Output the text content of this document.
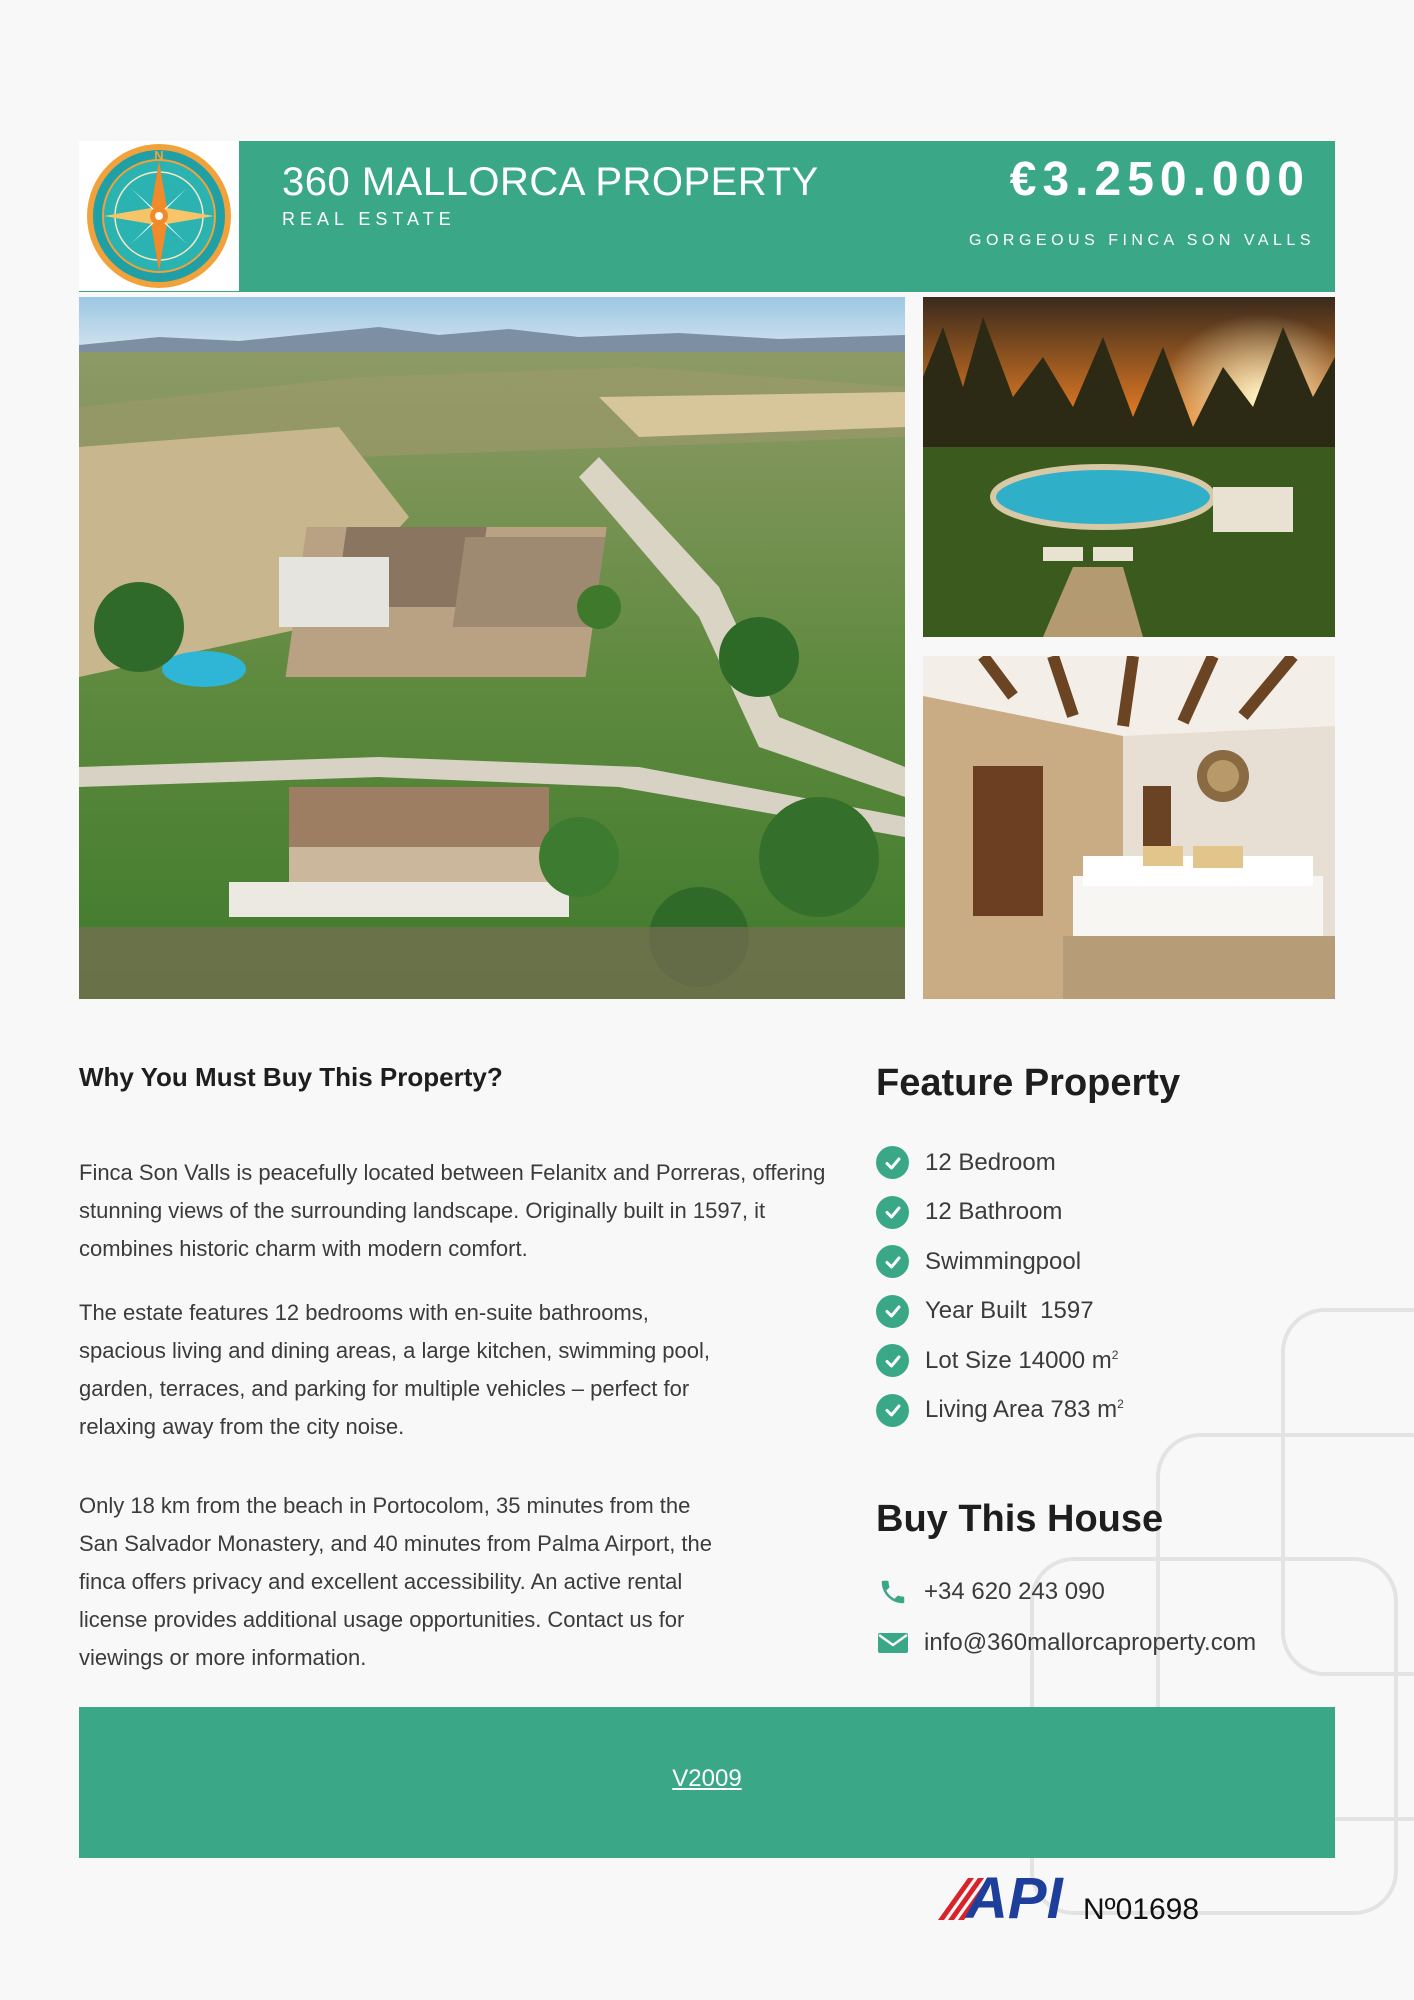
N
360 MALLORCA PROPERTY
REAL ESTATE
€3.250.000
GORGEOUS FINCA SON VALLS
Why You Must Buy This Property?

Finca Son Valls is peacefully located between Felanitx and Porreras, offering stunning views of the surrounding landscape. Originally built in 1597, it combines historic charm with modern comfort.

The estate features 12 bedrooms with en-suite bathrooms, spacious living and dining areas, a large kitchen, swimming pool, garden, terraces, and parking for multiple vehicles – perfect for relaxing away from the city noise.

Only 18 km from the beach in Portocolom, 35 minutes from the San Salvador Monastery, and 40 minutes from Palma Airport, the finca offers privacy and excellent accessibility. An active rental license provides additional usage opportunities. Contact us for viewings or more information.

Feature Property
12 Bedroom
12 Bathroom
Swimmingpool
Year Built  1597
Lot Size 14000 $m^2$
Living Area 783 $m^2$
Buy This House
+34 620 243 090
info@360mallorcaproperty.com
V2009
API Nº01698
